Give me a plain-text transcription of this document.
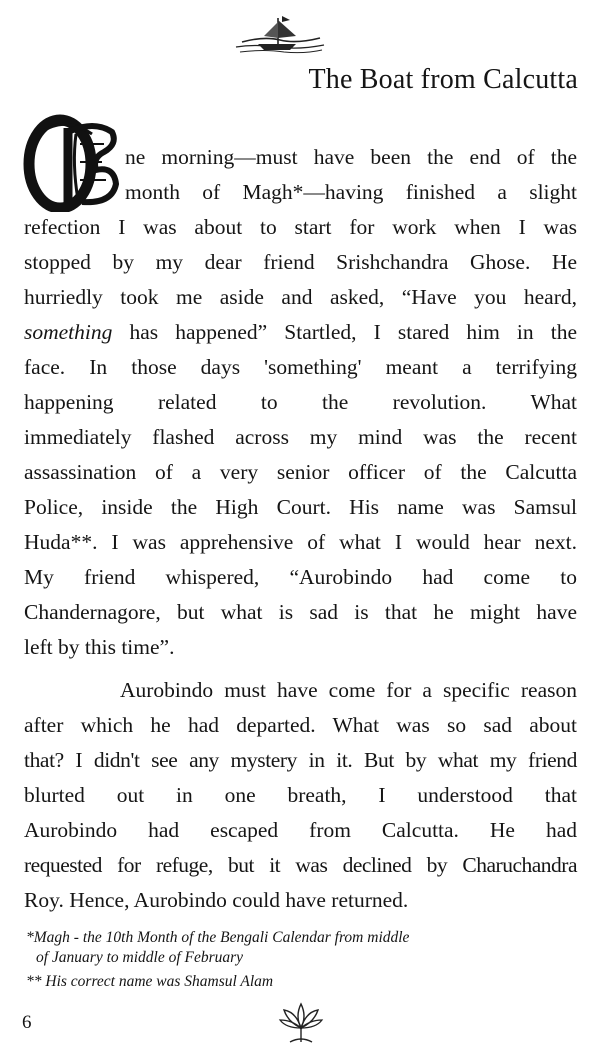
The Boat from Calcutta
ne morning—must have been the end of the
month of Magh*—having finished a slight
refection I was about to start for work when I was
stopped by my dear friend Srishchandra Ghose. He
hurriedly took me aside and asked, “Have you heard,
something has happened” Startled, I stared him in the
face. In those days 'something' meant a terrifying
happening related to the revolution. What
immediately flashed across my mind was the recent
assassination of a very senior officer of the Calcutta
Police, inside the High Court. His name was Samsul
Huda**. I was apprehensive of what I would hear next.
My friend whispered, “Aurobindo had come to
Chandernagore, but what is sad is that he might have
left by this time”.
Aurobindo must have come for a specific reason
after which he had departed. What was so sad about
that? I didn't see any mystery in it. But by what my friend
blurted out in one breath, I understood that
Aurobindo had escaped from Calcutta. He had
requested for refuge, but it was declined by Charuchandra
Roy. Hence, Aurobindo could have returned.
*Magh - the 10th Month of the Bengali Calendar from middle
of January to middle of February
** His correct name was Shamsul Alam
6
